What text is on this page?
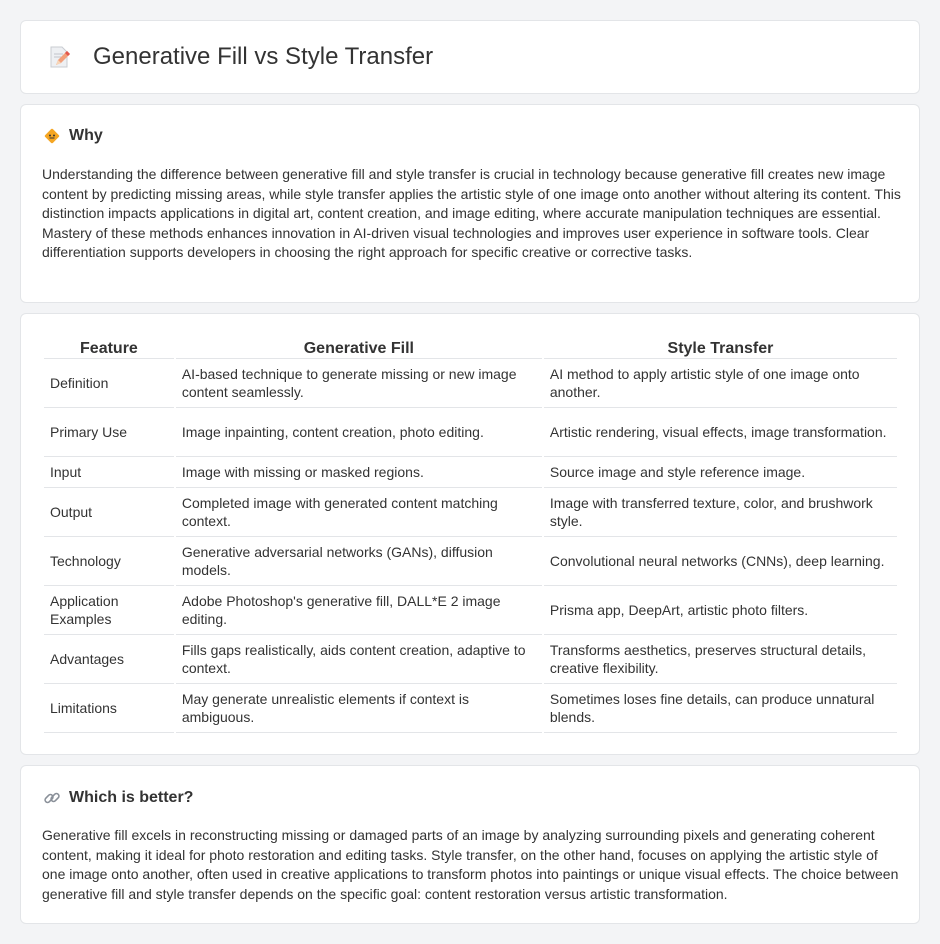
Generative Fill vs Style Transfer
Why

Understanding the difference between generative fill and style transfer is crucial in technology because generative fill creates new image content by predicting missing areas, while style transfer applies the artistic style of one image onto another without altering its content. This distinction impacts applications in digital art, content creation, and image editing, where accurate manipulation techniques are essential. Mastery of these methods enhances innovation in AI-driven visual technologies and improves user experience in software tools. Clear differentiation supports developers in choosing the right approach for specific creative or corrective tasks.

Feature	Generative Fill	Style Transfer
Definition	AI-based technique to generate missing or new image content seamlessly.	AI method to apply artistic style of one image onto another.
Primary Use	Image inpainting, content creation, photo editing.	Artistic rendering, visual effects, image transformation.
Input	Image with missing or masked regions.	Source image and style reference image.
Output	Completed image with generated content matching context.	Image with transferred texture, color, and brushwork style.
Technology	Generative adversarial networks (GANs), diffusion models.	Convolutional neural networks (CNNs), deep learning.
Application Examples	Adobe Photoshop's generative fill, DALL*E 2 image editing.	Prisma app, DeepArt, artistic photo filters.
Advantages	Fills gaps realistically, aids content creation, adaptive to context.	Transforms aesthetics, preserves structural details, creative flexibility.
Limitations	May generate unrealistic elements if context is ambiguous.	Sometimes loses fine details, can produce unnatural blends.
Which is better?

Generative fill excels in reconstructing missing or damaged parts of an image by analyzing surrounding pixels and generating coherent content, making it ideal for photo restoration and editing tasks. Style transfer, on the other hand, focuses on applying the artistic style of one image onto another, often used in creative applications to transform photos into paintings or unique visual effects. The choice between generative fill and style transfer depends on the specific goal: content restoration versus artistic transformation.
